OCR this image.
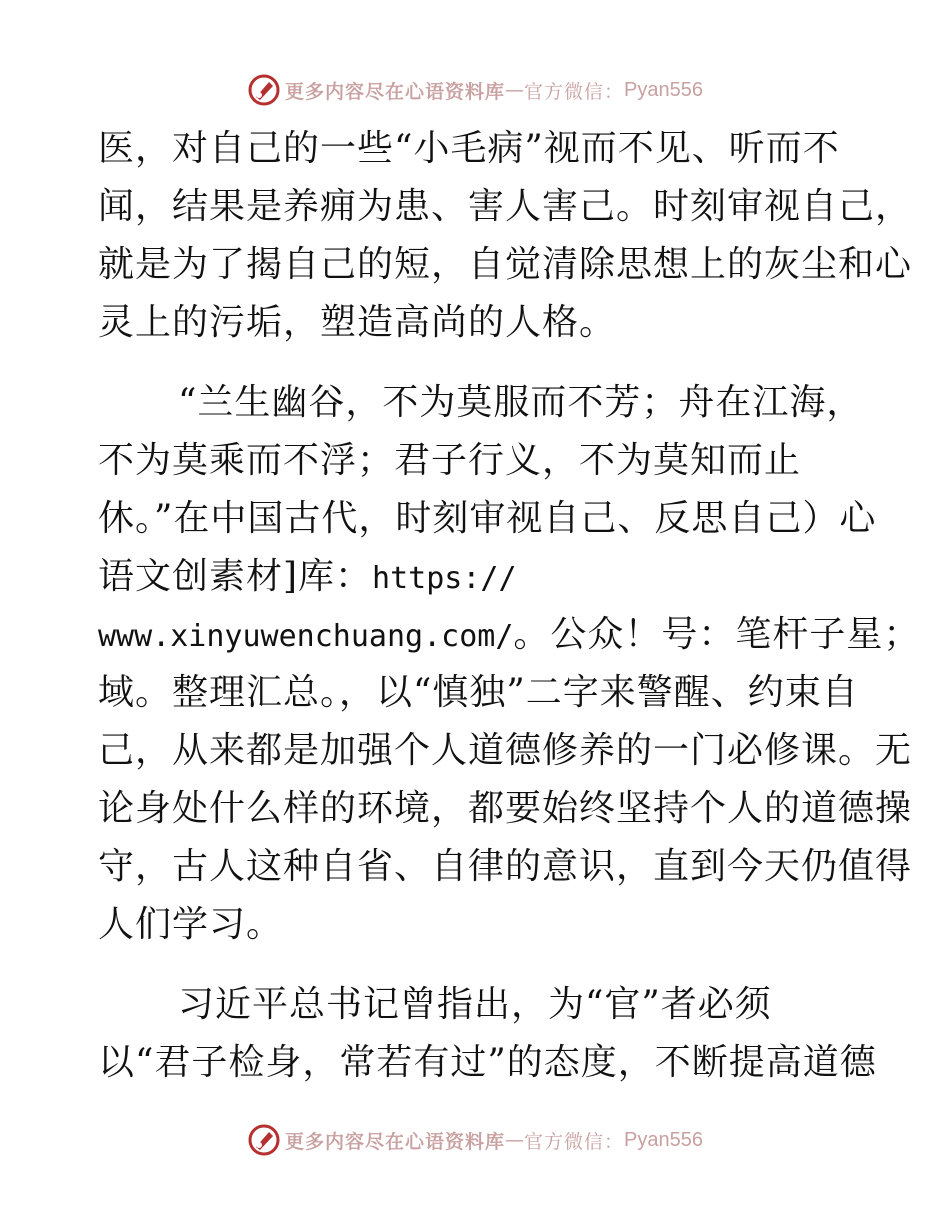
更多内容尽在心语资料库 — 官方微信： Pyan556
医，对自己的一些“小毛病”视而不见、听而不
闻，结果是养痈为患、害人害己。时刻审视自己，
就是为了揭自己的短，自觉清除思想上的灰尘和心
灵上的污垢，塑造高尚的人格。
“兰生幽谷，不为莫服而不芳；舟在江海，
不为莫乘而不浮；君子行义，不为莫知而止
休。”在中国古代，时刻审视自己、反思自己）心
语文创素材]库：https://
www.xinyuwenchuang.com/。公众！号：笔杆子星；
域。整理汇总。，以“慎独”二字来警醒、约束自
己，从来都是加强个人道德修养的一门必修课。无
论身处什么样的环境，都要始终坚持个人的道德操
守，古人这种自省、自律的意识，直到今天仍值得
人们学习。
习近平总书记曾指出，为“官”者必须
以“君子检身，常若有过”的态度，不断提高道德
更多内容尽在心语资料库 — 官方微信： Pyan556
